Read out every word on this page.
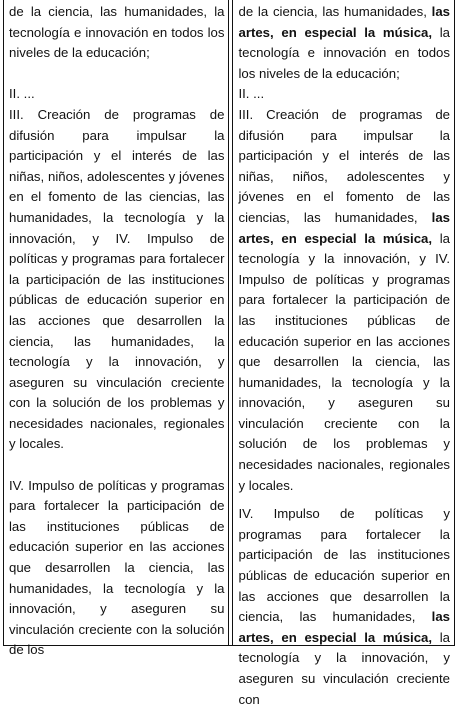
de la ciencia, las humanidades, la tecnología e innovación en todos los niveles de la educación;
II. ...
III. Creación de programas de difusión para impulsar la participación y el interés de las niñas, niños, adolescentes y jóvenes en el fomento de las ciencias, las humanidades, la tecnología y la innovación, y IV. Impulso de políticas y programas para fortalecer la participación de las instituciones públicas de educación superior en las acciones que desarrollen la ciencia, las humanidades, la tecnología y la innovación, y aseguren su vinculación creciente con la solución de los problemas y necesidades nacionales, regionales y locales.
IV. Impulso de políticas y programas para fortalecer la participación de las instituciones públicas de educación superior en las acciones que desarrollen la ciencia, las humanidades, la tecnología y la innovación, y aseguren su vinculación creciente con la solución de los
de la ciencia, las humanidades, las artes, en especial la música, la tecnología e innovación en todos los niveles de la educación;
II. ...
III. Creación de programas de difusión para impulsar la participación y el interés de las niñas, niños, adolescentes y jóvenes en el fomento de las ciencias, las humanidades, las artes, en especial la música, la tecnología y la innovación, y IV. Impulso de políticas y programas para fortalecer la participación de las instituciones públicas de educación superior en las acciones que desarrollen la ciencia, las humanidades, la tecnología y la innovación, y aseguren su vinculación creciente con la solución de los problemas y necesidades nacionales, regionales y locales.
IV. Impulso de políticas y programas para fortalecer la participación de las instituciones públicas de educación superior en las acciones que desarrollen la ciencia, las humanidades, las artes, en especial la música, la tecnología y la innovación, y aseguren su vinculación creciente con
